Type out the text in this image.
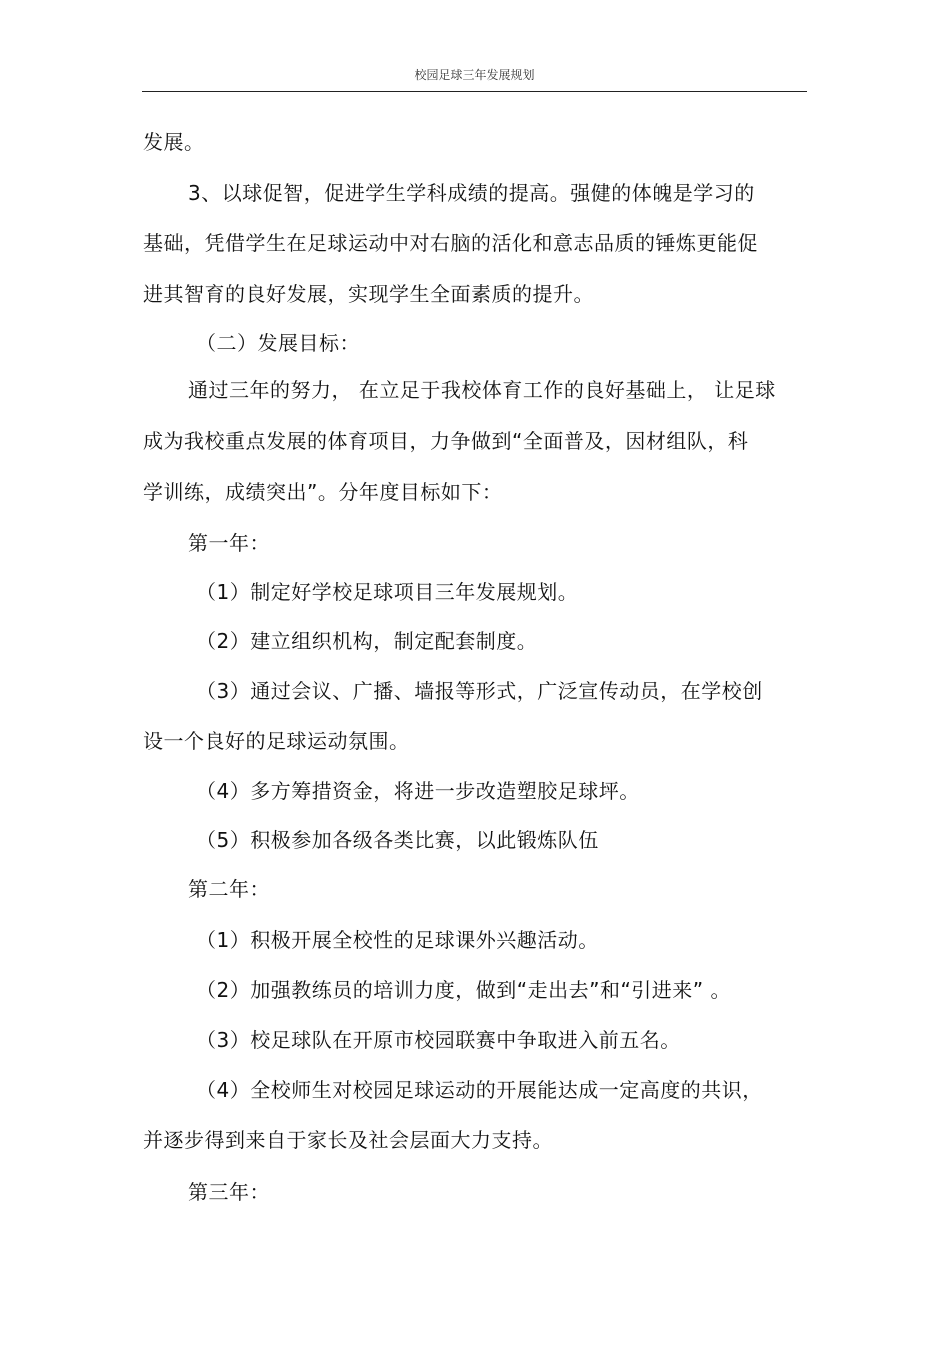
校园足球三年发展规划
发展。
3、以球促智，促进学生学科成绩的提高。强健的体魄是学习的
基础，凭借学生在足球运动中对右脑的活化和意志品质的锤炼更能促
进其智育的良好发展，实现学生全面素质的提升。
（二）发展目标：
通过三年的努力， 在立足于我校体育工作的良好基础上， 让足球
成为我校重点发展的体育项目，力争做到“全面普及，因材组队，科
学训练，成绩突出”。分年度目标如下：
第一年：
（1）制定好学校足球项目三年发展规划。
（2）建立组织机构，制定配套制度。
（3）通过会议、广播、墙报等形式，广泛宣传动员，在学校创
设一个良好的足球运动氛围。
（4）多方筹措资金，将进一步改造塑胶足球坪。
（5）积极参加各级各类比赛，以此锻炼队伍
第二年：
（1）积极开展全校性的足球课外兴趣活动。
（2）加强教练员的培训力度，做到“走出去”和“引进来” 。
（3）校足球队在开原市校园联赛中争取进入前五名。
（4）全校师生对校园足球运动的开展能达成一定高度的共识，
并逐步得到来自于家长及社会层面大力支持。
第三年：
